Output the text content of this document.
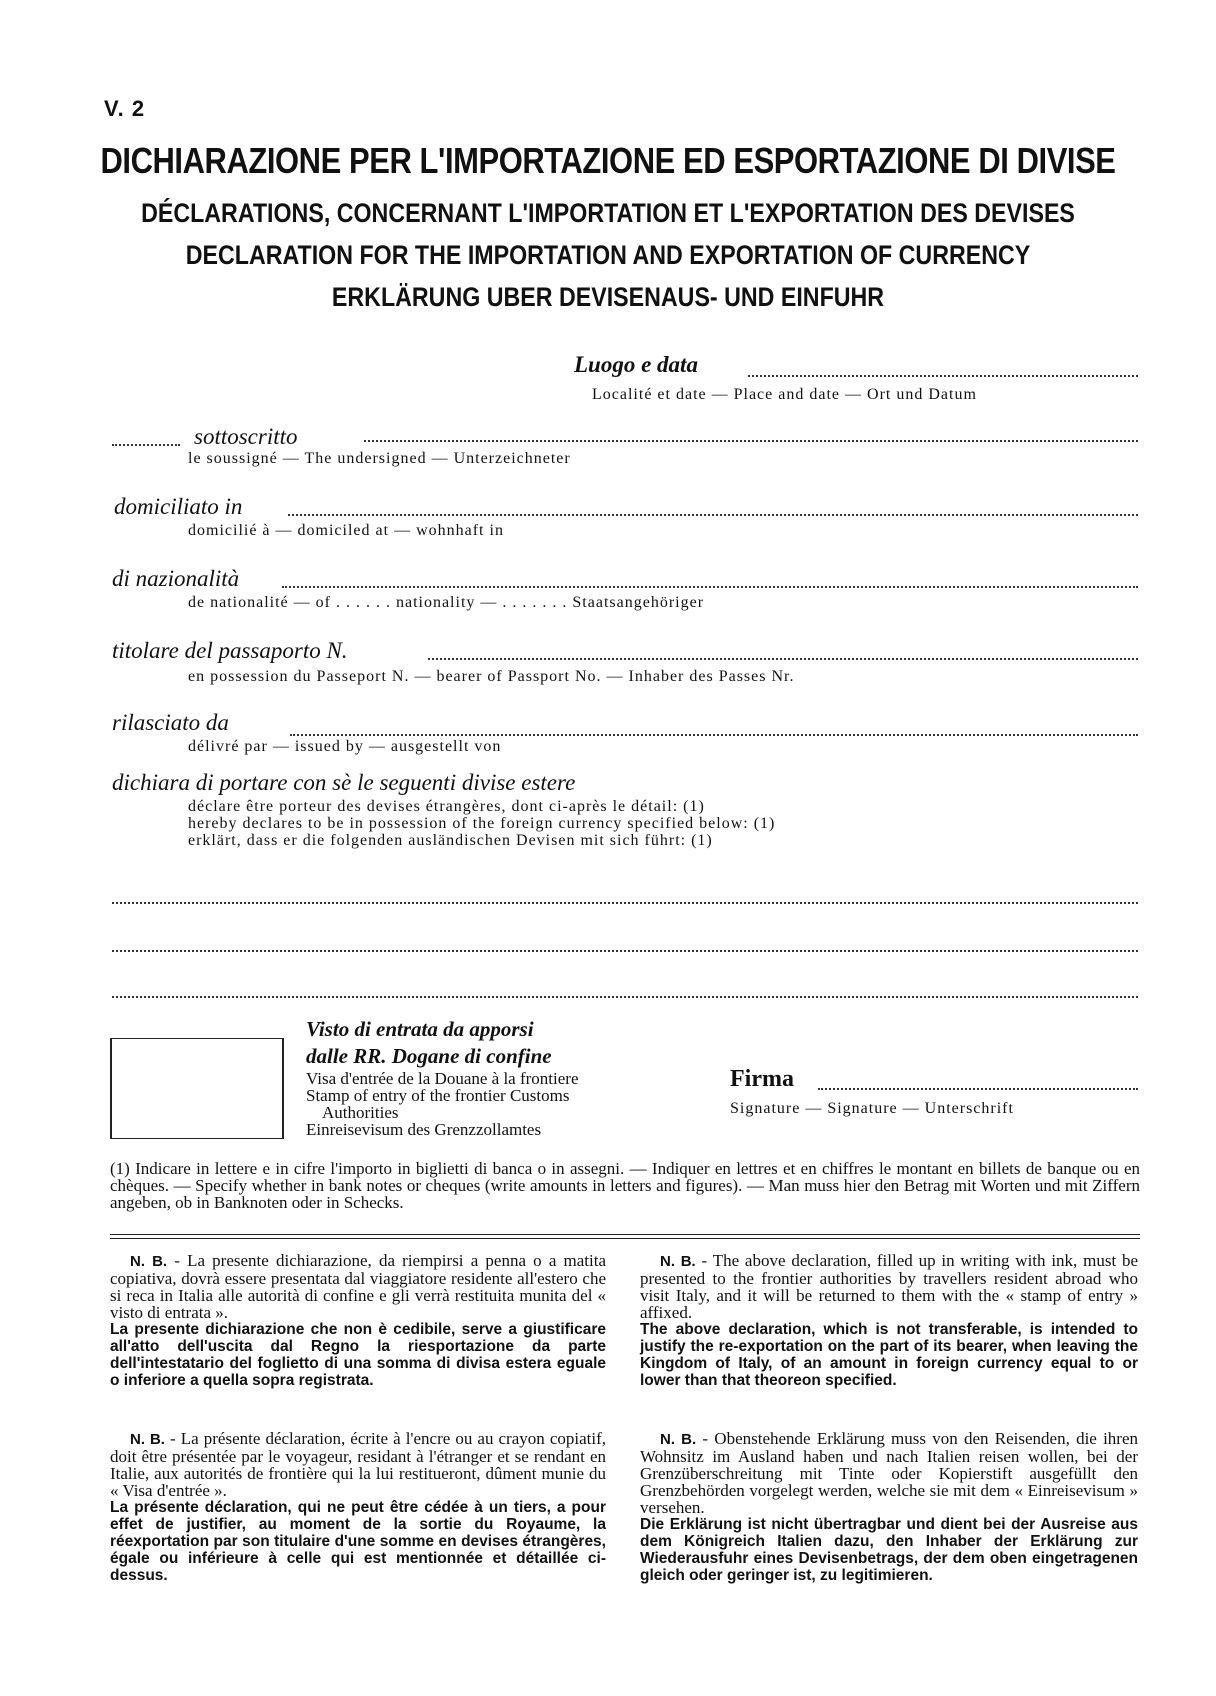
V. 2
DICHIARAZIONE PER L'IMPORTAZIONE ED ESPORTAZIONE DI DIVISE
DÉCLARATIONS, CONCERNANT L'IMPORTATION ET L'EXPORTATION DES DEVISES
DECLARATION FOR THE IMPORTATION AND EXPORTATION OF CURRENCY
ERKLÄRUNG UBER DEVISENAUS- UND EINFUHR
Luogo e data
Localité et date — Place and date — Ort und Datum
sottoscritto
le soussigné — The undersigned — Unterzeichneter
domiciliato in
domicilié à — domiciled at — wohnhaft in
di nazionalità
de nationalité — of . . . . . . nationality — . . . . . . . Staatsangehöriger
titolare del passaporto N.
en possession du Passeport N. — bearer of Passport No. — Inhaber des Passes Nr.
rilasciato da
délivré par — issued by — ausgestellt von
dichiara di portare con sè le seguenti divise estere
déclare être porteur des devises étrangères, dont ci-après le détail: (1)
hereby declares to be in possession of the foreign currency specified below: (1)
erklärt, dass er die folgenden ausländischen Devisen mit sich führt: (1)
Visto di entrata da apporsi
dalle RR. Dogane di confine
Visa d'entrée de la Douane à la frontiere
Stamp of entry of the frontier Customs
Authorities
Einreisevisum des Grenzzollamtes
Firma
Signature — Signature — Unterschrift
(1) Indicare in lettere e in cifre l'importo in biglietti di banca o in assegni. — Indiquer en lettres et en chiffres le montant en billets de banque ou en chèques. — Specify whether in bank notes or cheques (write amounts in letters and figures). — Man muss hier den Betrag mit Worten und mit Ziffern angeben, ob in Banknoten oder in Schecks.

N. B. - La presente dichiarazione, da riempirsi a penna o a matita copiativa, dovrà essere presentata dal viaggiatore residente all'estero che si reca in Italia alle autorità di confine e gli verrà restituita munita del « visto di entrata ».

La presente dichiarazione che non è cedibile, serve a giustificare all'atto dell'uscita dal Regno la riesportazione da parte dell'intestatario del foglietto di una somma di divisa estera eguale o inferiore a quella sopra registrata.

N. B. - La présente déclaration, écrite à l'encre ou au crayon copiatif, doit être présentée par le voyageur, residant à l'étranger et se rendant en Italie, aux autorités de frontière qui la lui restitueront, dûment munie du « Visa d'entrée ».

La présente déclaration, qui ne peut être cédée à un tiers, a pour effet de justifier, au moment de la sortie du Royaume, la réexportation par son titulaire d'une somme en devises étrangères, égale ou inférieure à celle qui est mentionnée et détaillée ci-dessus.

N. B. - The above declaration, filled up in writing with ink, must be presented to the frontier authorities by travellers resident abroad who visit Italy, and it will be returned to them with the « stamp of entry » affixed.

The above declaration, which is not transferable, is intended to justify the re-exportation on the part of its bearer, when leaving the Kingdom of Italy, of an amount in foreign currency equal to or lower than that theoreon specified.

N. B. - Obenstehende Erklärung muss von den Reisenden, die ihren Wohnsitz im Ausland haben und nach Italien reisen wollen, bei der Grenzüberschreitung mit Tinte oder Kopierstift ausgefüllt den Grenzbehörden vorgelegt werden, welche sie mit dem « Einreisevisum » versehen.

Die Erklärung ist nicht übertragbar und dient bei der Ausreise aus dem Königreich Italien dazu, den Inhaber der Erklärung zur Wiederausfuhr eines Devisenbetrags, der dem oben eingetragenen gleich oder geringer ist, zu legitimieren.
